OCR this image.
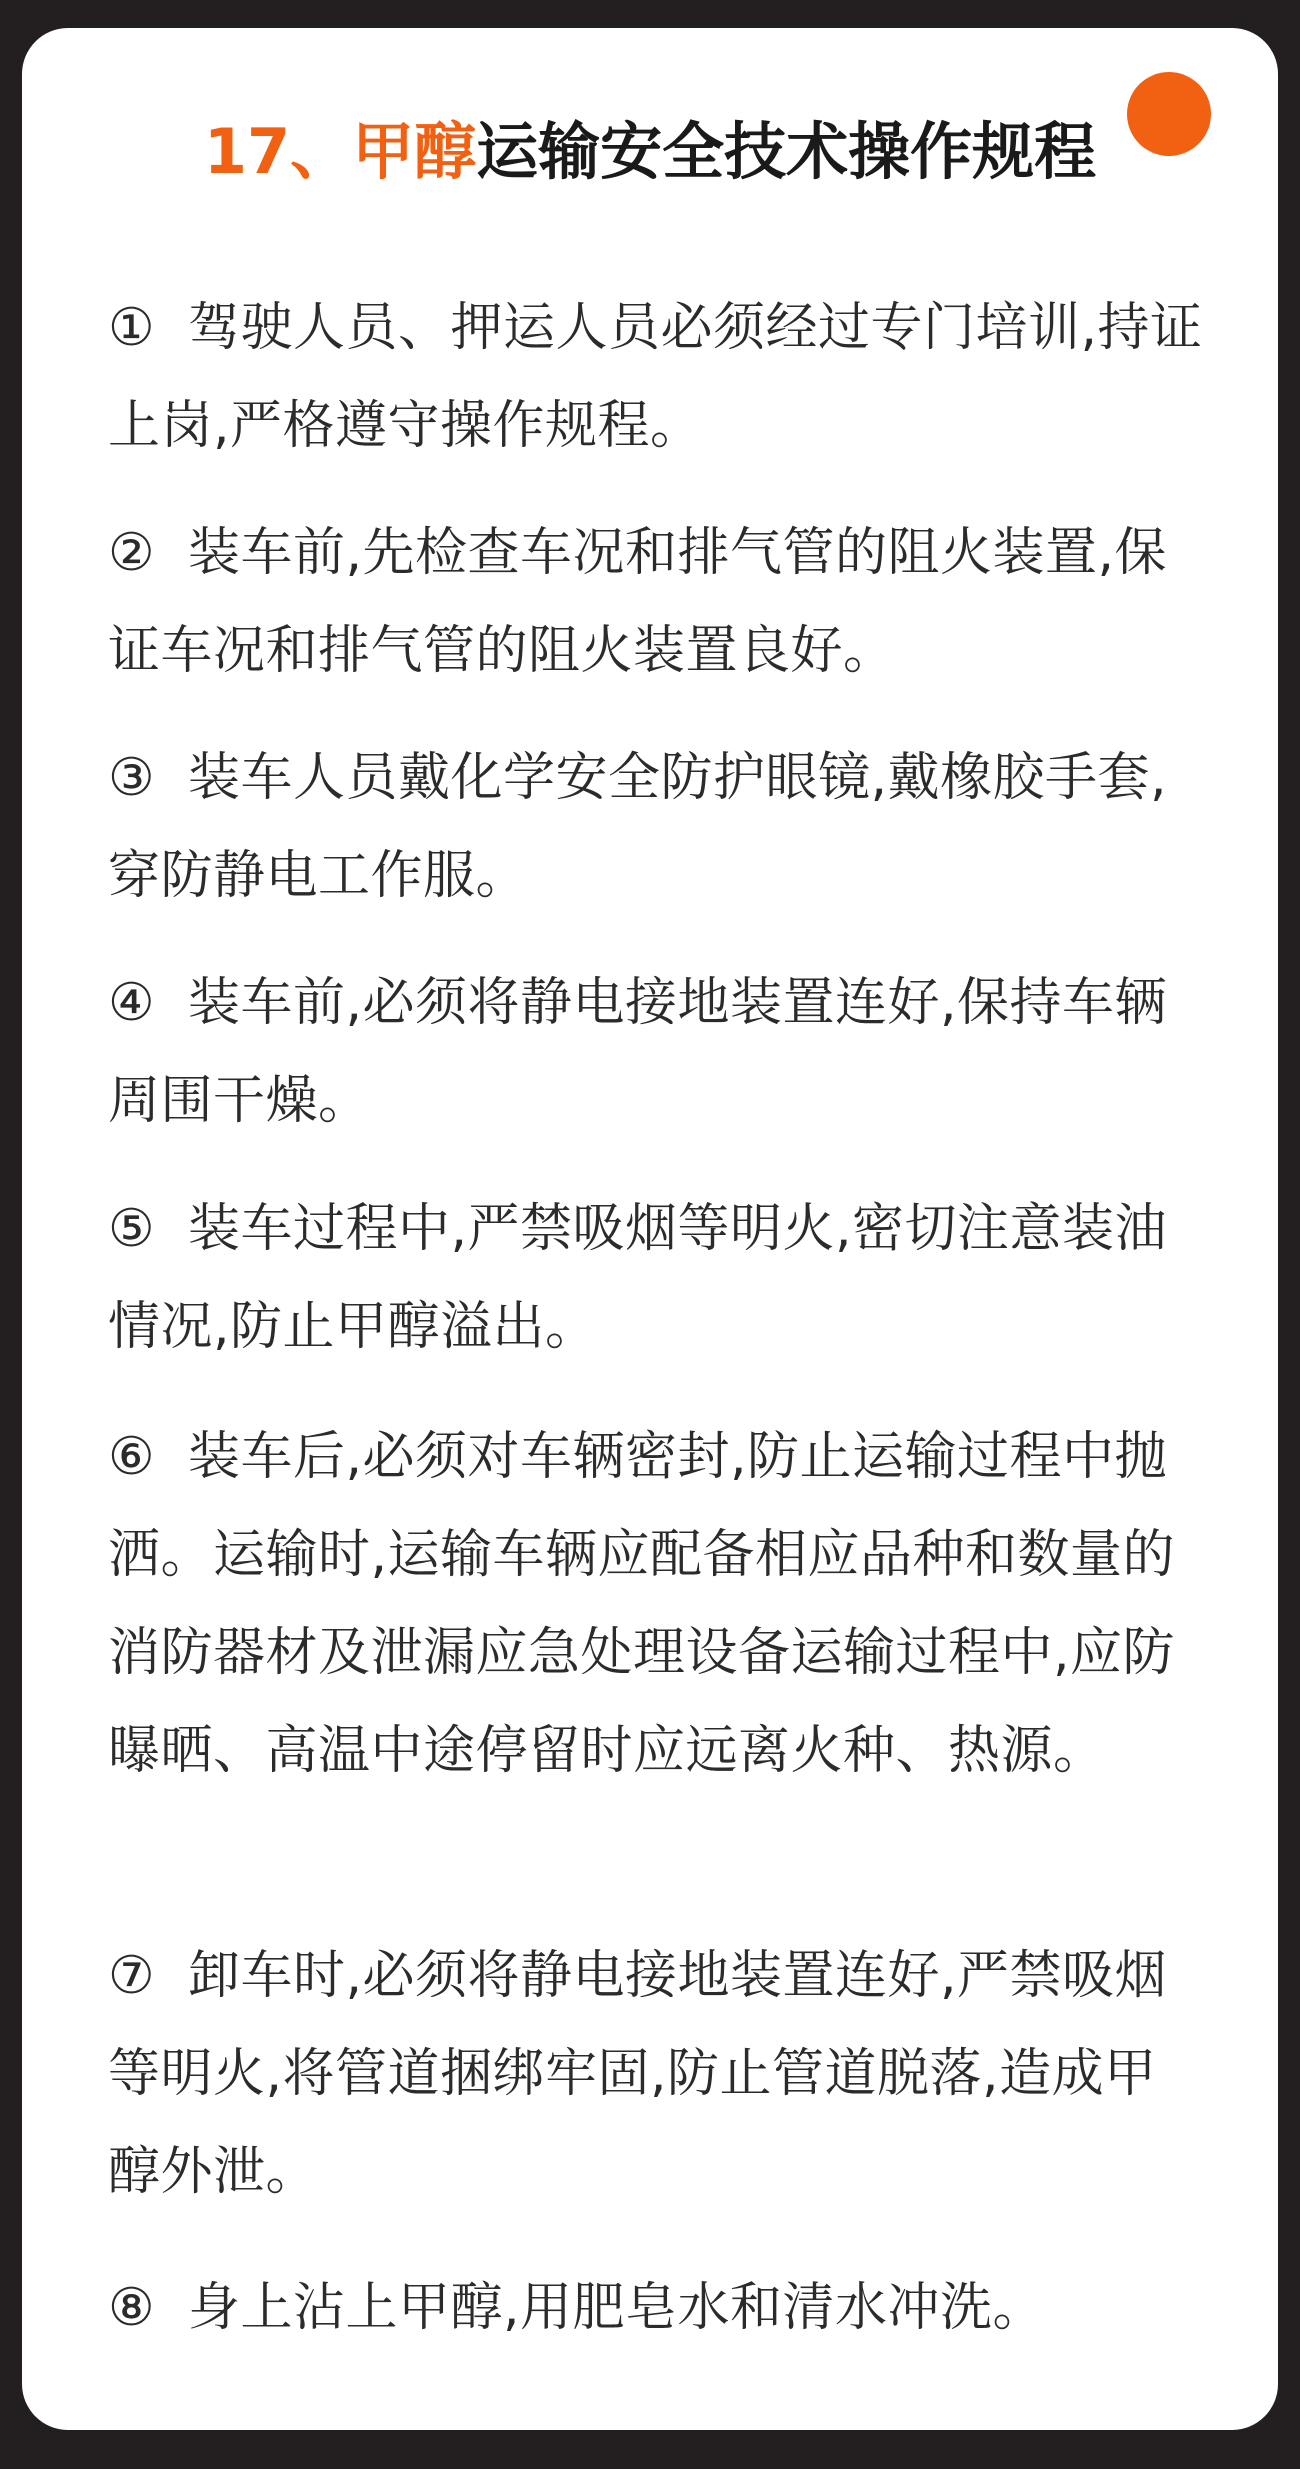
17、甲醇运输安全技术操作规程
① 驾驶人员、押运人员必须经过专门培训,持证上岗,严格遵守操作规程。
② 装车前,先检查车况和排气管的阻火装置,保证车况和排气管的阻火装置良好。
③ 装车人员戴化学安全防护眼镜,戴橡胶手套,穿防静电工作服。
④ 装车前,必须将静电接地装置连好,保持车辆周围干燥。
⑤ 装车过程中,严禁吸烟等明火,密切注意装油情况,防止甲醇溢出。
⑥ 装车后,必须对车辆密封,防止运输过程中抛洒。运输时,运输车辆应配备相应品种和数量的消防器材及泄漏应急处理设备运输过程中,应防曝晒、高温中途停留时应远离火种、热源。
⑦ 卸车时,必须将静电接地装置连好,严禁吸烟等明火,将管道捆绑牢固,防止管道脱落,造成甲醇外泄。
⑧ 身上沾上甲醇,用肥皂水和清水冲洗。
